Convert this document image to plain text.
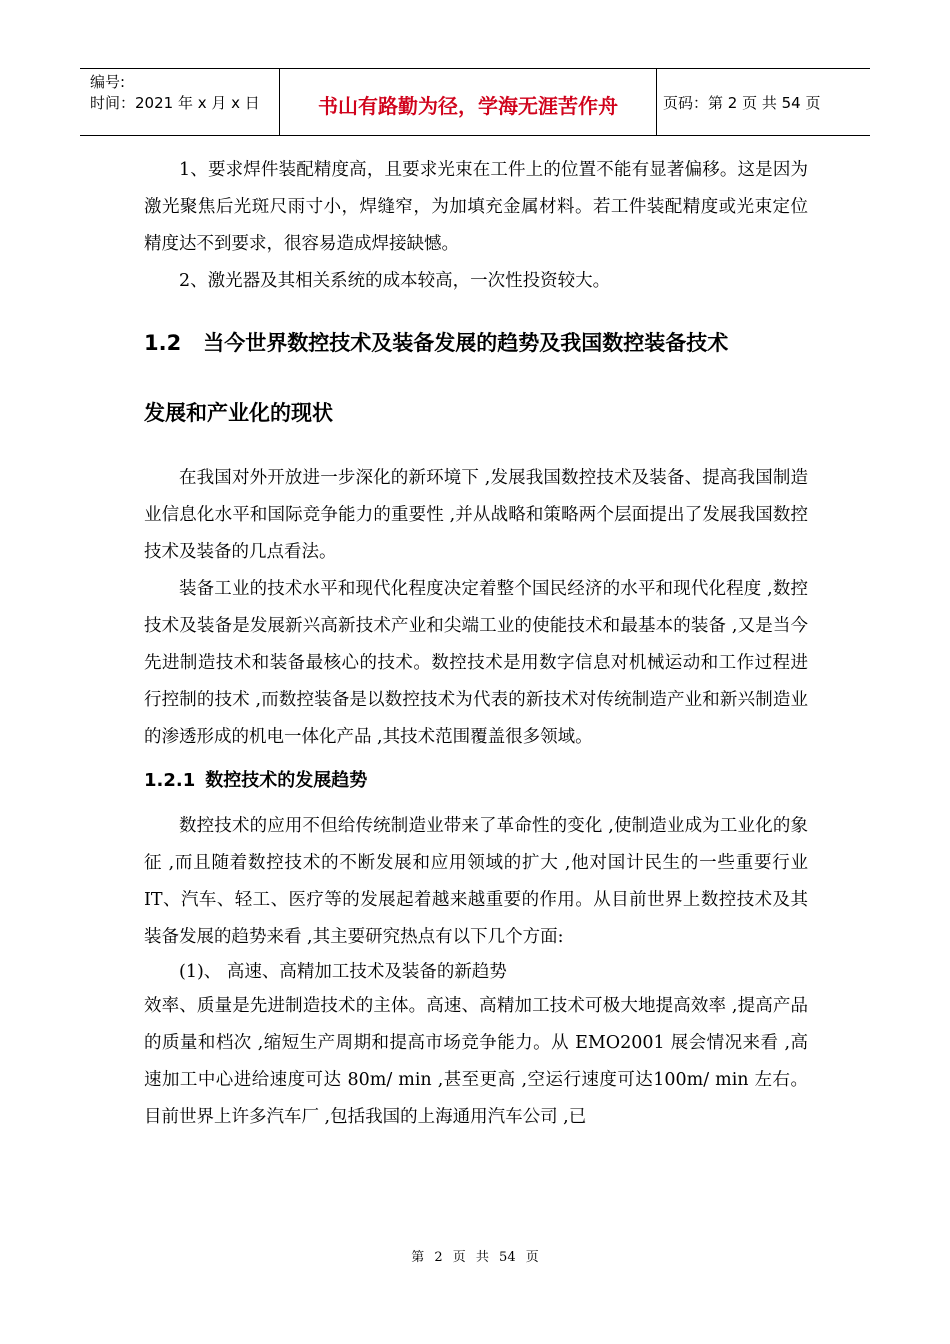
编号:
时间：2021 年 x 月 x 日	书山有路勤为径，学海无涯苦作舟	页码：第 2 页 共 54 页

1、要求焊件装配精度高，且要求光束在工件上的位置不能有显著偏移。这是因为激光聚焦后光斑尺雨寸小，焊缝窄，为加填充金属材料。若工件装配精度或光束定位精度达不到要求，很容易造成焊接缺憾。

2、激光器及其相关系统的成本较高，一次性投资较大。

1.2 当今世界数控技术及装备发展的趋势及我国数控装备技术

发展和产业化的现状

在我国对外开放进一步深化的新环境下 ,发展我国数控技术及装备、提高我国制造业信息化水平和国际竞争能力的重要性 ,并从战略和策略两个层面提出了发展我国数控技术及装备的几点看法。

装备工业的技术水平和现代化程度决定着整个国民经济的水平和现代化程度 ,数控技术及装备是发展新兴高新技术产业和尖端工业的使能技术和最基本的装备 ,又是当今先进制造技术和装备最核心的技术。数控技术是用数字信息对机械运动和工作过程进行控制的技术 ,而数控装备是以数控技术为代表的新技术对传统制造产业和新兴制造业的渗透形成的机电一体化产品 ,其技术范围覆盖很多领域。

1.2.1 数控技术的发展趋势

数控技术的应用不但给传统制造业带来了革命性的变化 ,使制造业成为工业化的象征 ,而且随着数控技术的不断发展和应用领域的扩大 ,他对国计民生的一些重要行业 IT、汽车、轻工、医疗等的发展起着越来越重要的作用。从目前世界上数控技术及其装备发展的趋势来看 ,其主要研究热点有以下几个方面:

(1)、 高速、高精加工技术及装备的新趋势

效率、质量是先进制造技术的主体。高速、高精加工技术可极大地提高效率 ,提高产品的质量和档次 ,缩短生产周期和提高市场竞争能力。从 EMO2001 展会情况来看 ,高速加工中心进给速度可达 80m/ min ,甚至更高 ,空运行速度可达100m/ min 左右。目前世界上许多汽车厂 ,包括我国的上海通用汽车公司 ,已

第 2 页 共 54 页
